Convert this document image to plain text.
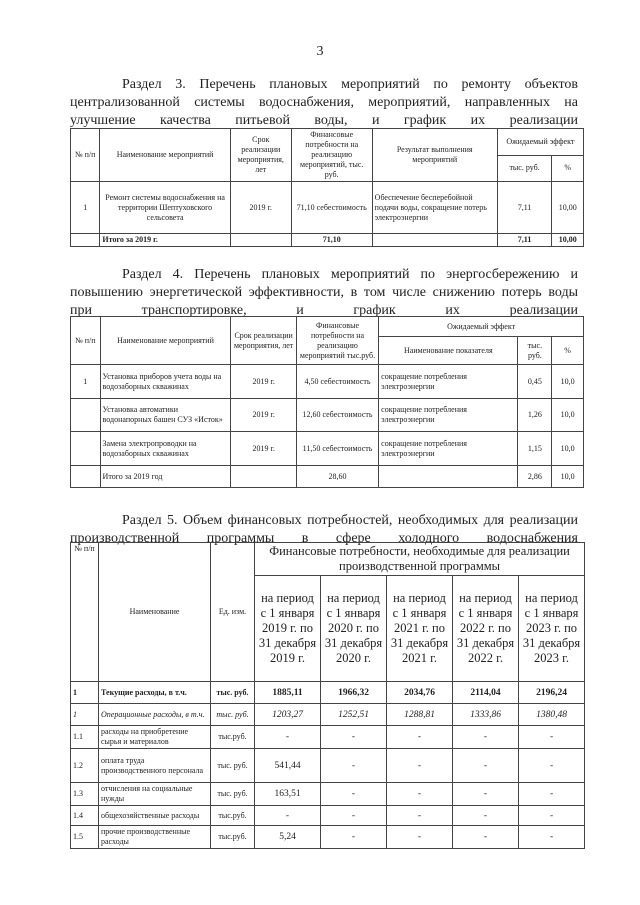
3
Раздел 3. Перечень плановых мероприятий по ремонту объектов централизованной системы водоснабжения, мероприятий, направленных на улучшение качества питьевой воды, и график их реализации
№ п/п	Наименование мероприятий	Срок реализации мероприятия, лет	Финансовые потребности на реализацию мероприятий, тыс. руб.	Результат выполнения мероприятий	Ожидаемый эффект	
					тыс. руб.	%
1	Ремонт системы водоснабжения на территории Шептуховского сельсовета	2019 г.	71,10 себестоимость	Обеспечение бесперебойной подачи воды, сокращение потерь электроэнергии	7,11	10,00
	Итого за 2019 г.		71,10		7,11	10,00
Раздел 4. Перечень плановых мероприятий по энергосбережению и повышению энергетической эффективности, в том числе снижению потерь воды при транспортировке, и график их реализации
№ п/п	Наименование мероприятий	Срок реализации мероприятия, лет	Финансовые потребности на реализацию мероприятий тыс.руб.	Ожидаемый эффект		
				Наименование показателя	тыс. руб.	%
1	Установка приборов учета воды на водозаборных скважинах	2019 г.	4,50 себестоимость	сокращение потребления электроэнергии	0,45	10,0
	Установка автоматики водонапорных башен СУЗ «Исток»	2019 г.	12,60 себестоимость	сокращение потребления электроэнергии	1,26	10,0
	Замена электропроводки на водозаборных скважинах	2019 г.	11,50 себестоимость	сокращение потребления электроэнергии	1,15	10,0
	Итого за 2019 год		28,60		2,86	10,0
Раздел 5. Объем финансовых потребностей, необходимых для реализации производственной программы в сфере холодного водоснабжения
№ п/п	Наименование	Ед. изм.	Финансовые потребности, необходимые для реализации производственной программы				
			на период с 1 января 2019 г. по 31 декабря 2019 г.	на период с 1 января 2020 г. по 31 декабря 2020 г.	на период с 1 января 2021 г. по 31 декабря 2021 г.	на период с 1 января 2022 г. по 31 декабря 2022 г.	на период с 1 января 2023 г. по 31 декабря 2023 г.
1	Текущие расходы, в т.ч.	тыс. руб.	1885,11	1966,32	2034,76	2114,04	2196,24
1	Операционные расходы, в т.ч.	тыс. руб.	1203,27	1252,51	1288,81	1333,86	1380,48
1.1	расходы на приобретение сырья и материалов	тыс.руб.	-	-	-	-	-
1.2	оплата труда производственного персонала	тыс. руб.	541,44	-	-	-	-
1.3	отчисления на социальные нужды	тыс. руб.	163,51	-	-	-	-
1.4	общехозяйственные расходы	тыс.руб.	-	-	-	-	-
1.5	прочие производственные расходы	тыс.руб.	5,24	-	-	-	-
